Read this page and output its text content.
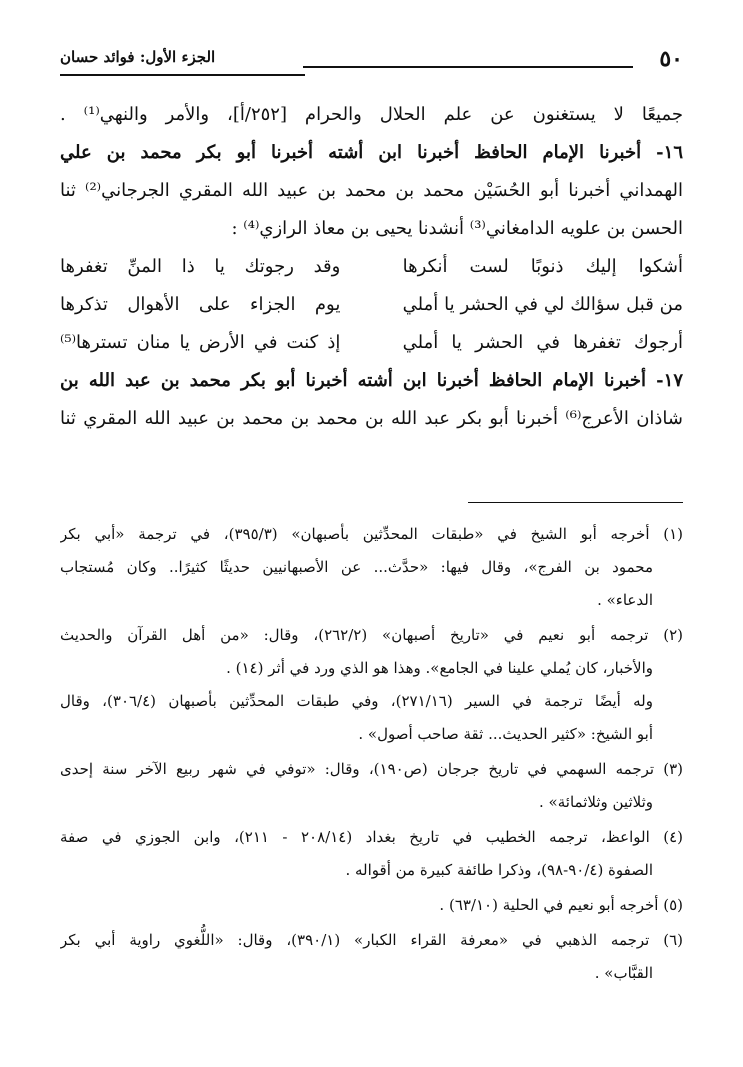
٥٠
الجزء الأول: فوائد حسان
جميعًا لا يستغنون عن علم الحلال والحرام [٢٥٢/أ]، والأمر والنهي⁽¹⁾ .
١٦- أخبرنا الإمام الحافظ أخبرنا ابن أشته أخبرنا أبو بكر محمد بن علي
الهمداني أخبرنا أبو الحُسَيْن محمد بن محمد بن عبيد الله المقري الجرجاني⁽²⁾ ثنا
الحسن بن علويه الدامغاني⁽³⁾ أنشدنا يحيى بن معاذ الرازي⁽⁴⁾ :
أشكوا إليك ذنوبًا لست أنكرها
وقد رجوتك يا ذا المنِّ تغفرها
من قبل سؤالك لي في الحشر يا أملي
يوم الجزاء على الأهوال تذكرها
أرجوك تغفرها في الحشر يا أملي
إذ كنت في الأرض يا منان تسترها⁽⁵⁾
١٧- أخبرنا الإمام الحافظ أخبرنا ابن أشته أخبرنا أبو بكر محمد بن عبد الله بن
شاذان الأعرج⁽⁶⁾ أخبرنا أبو بكر عبد الله بن محمد بن محمد بن عبيد الله المقري ثنا
(١) أخرجه أبو الشيخ في «طبقات المحدِّثين بأصبهان» (٣٩٥/٣)، في ترجمة «أبي بكر
محمود بن الفرج»، وقال فيها: «حدَّث... عن الأصبهانيين حديثًا كثيرًا.. وكان مُستجاب
الدعاء» .
(٢) ترجمه أبو نعيم في «تاريخ أصبهان» (٢٦٢/٢)، وقال: «من أهل القرآن والحديث
والأخبار، كان يُملي علينا في الجامع». وهذا هو الذي ورد في أثر (١٤) .
وله أيضًا ترجمة في السير (٢٧١/١٦)، وفي طبقات المحدِّثين بأصبهان (٣٠٦/٤)، وقال
أبو الشيخ: «كثير الحديث... ثقة صاحب أصول» .
(٣) ترجمه السهمي في تاريخ جرجان (ص١٩٠)، وقال: «توفي في شهر ربيع الآخر سنة إحدى
وثلاثين وثلاثمائة» .
(٤) الواعظ، ترجمه الخطيب في تاريخ بغداد (٢٠٨/١٤ - ٢١١)، وابن الجوزي في صفة
الصفوة (٩٠/٤-٩٨)، وذكرا طائفة كبيرة من أقواله .
(٥) أخرجه أبو نعيم في الحلية (٦٣/١٠) .
(٦) ترجمه الذهبي في «معرفة القراء الكبار» (٣٩٠/١)، وقال: «اللُّغوي راوية أبي بكر
القبَّاب» .
